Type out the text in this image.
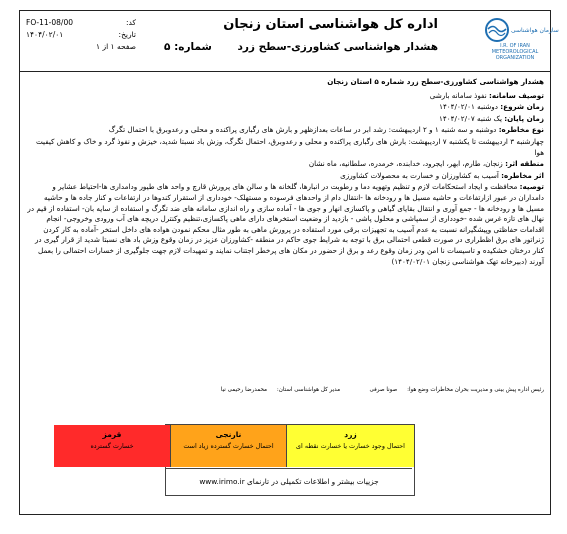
سازمان هواشناسی
I.R. OF IRAN
METEOROLOGICAL
ORGANIZATION
اداره کل هواشناسی استان زنجان
هشدار هواشناسی کشاورزی-سطح زرد       شماره: ۵
کد:
FO-11-08/00
تاریخ:
۱۴۰۴/۰۲/۰۱
صفحه ۱ از ۱

هشدار هواشناسی کشاورزی-سطح زرد شماره ۵ استان زنجان

توصیف سامانه: نفوذ سامانه بارشی

زمان شروع: دوشنبه ۱۴۰۴/۰۲/۰۱

زمان پایان: یک شنبه ۱۴۰۴/۰۲/۰۷

نوع مخاطره: دوشنبه و سه شنبه ۱ و ۲ اردیبهشت: رشد ابر در ساعات بعدازظهر و بارش های رگباری پراکنده و محلی و رعدوبرق با احتمال تگرگ

چهارشنبه ۳ اردیبهشت تا یکشنبه ۷ اردیبهشت: بارش های رگباری پراکنده و محلی و رعدوبرق، احتمال تگرگ، وزش باد نسبتا شدید، خیزش و نفوذ گرد و خاک و کاهش کیفیت هوا

منطقه اثر: زنجان، طارم، ابهر، ایجرود، خدابنده، خرمدره، سلطانیه، ماه نشان

اثر مخاطره: آسیب به کشاورزان و خسارت به محصولات کشاورزی

توصیه: محافظت و ایجاد استحکامات لازم و تنظیم وتهویه دما و رطوبت در انبارها، گلخانه ها و سالن های پرورش قارچ و واحد های طیور ودامداری ها-احتیاط عشایر و دامداران در عبور ازارتفاعات و حاشیه مسیل ها و رودخانه ها -انتقال دام از واحدهای فرسوده و مستهلک- خودداری از استقرار کندوها در ارتفاعات و کنار جاده ها و حاشیه مسیل ها و رودخانه ها - جمع آوری و انتقال بقایای گیاهی و پاکسازی انهار و جوی ها - آماده سازی و راه اندازی سامانه های ضد تگرگ و استفاده از سایه بان- استفاده از قیم در نهال های تازه غرس شده -خودداری از سمپاشی و محلول پاشی - بازدید از وضعیت استخرهای دارای ماهی پاکسازی،تنظیم وکنترل دریچه های آب ورودی وخروجی- انجام اقدامات حفاظتی وپیشگیرانه نسبت به عدم آسیب به تجهیزات برقی مورد استفاده در پرورش ماهی به طور مثال محکم نمودن هواده های داخل استخر -آماده به کار کردن ژنراتور های برق اظطراری در صورت قطعی احتمالی برق با توجه به شرایط جوی حاکم در منطقه -کشاورزان عزیز در زمان وقوع وزش باد های نسبتا شدید از قرار گیری در کنار درختان خشکیده و تاسیسات نا امن ودر زمان وقوع رعد و برق از حضور در مکان های پرخطر اجتناب نمایند و تمهیدات لازم جهت جلوگیری از خسارات احتمالی را بعمل آورند (دبیرخانه تهک هواشناسی زنجان ۱۴۰۴/۰۲/۰۱)

رئیس اداره پیش بینی و مدیریت بحران مخاطرات وضع هوا: صونا صرفی            مدیر کل هواشناسی استان: محمدرضا رحیمی نیا
زرد
احتمال وجود خسارت یا خسارت نقطه ای
نارنجی
احتمال خسارت گسترده زیاد است
قرمز
خسارت گسترده
جزییات بیشتر و اطلاعات تکمیلی در تارنمای www.irimo.ir
